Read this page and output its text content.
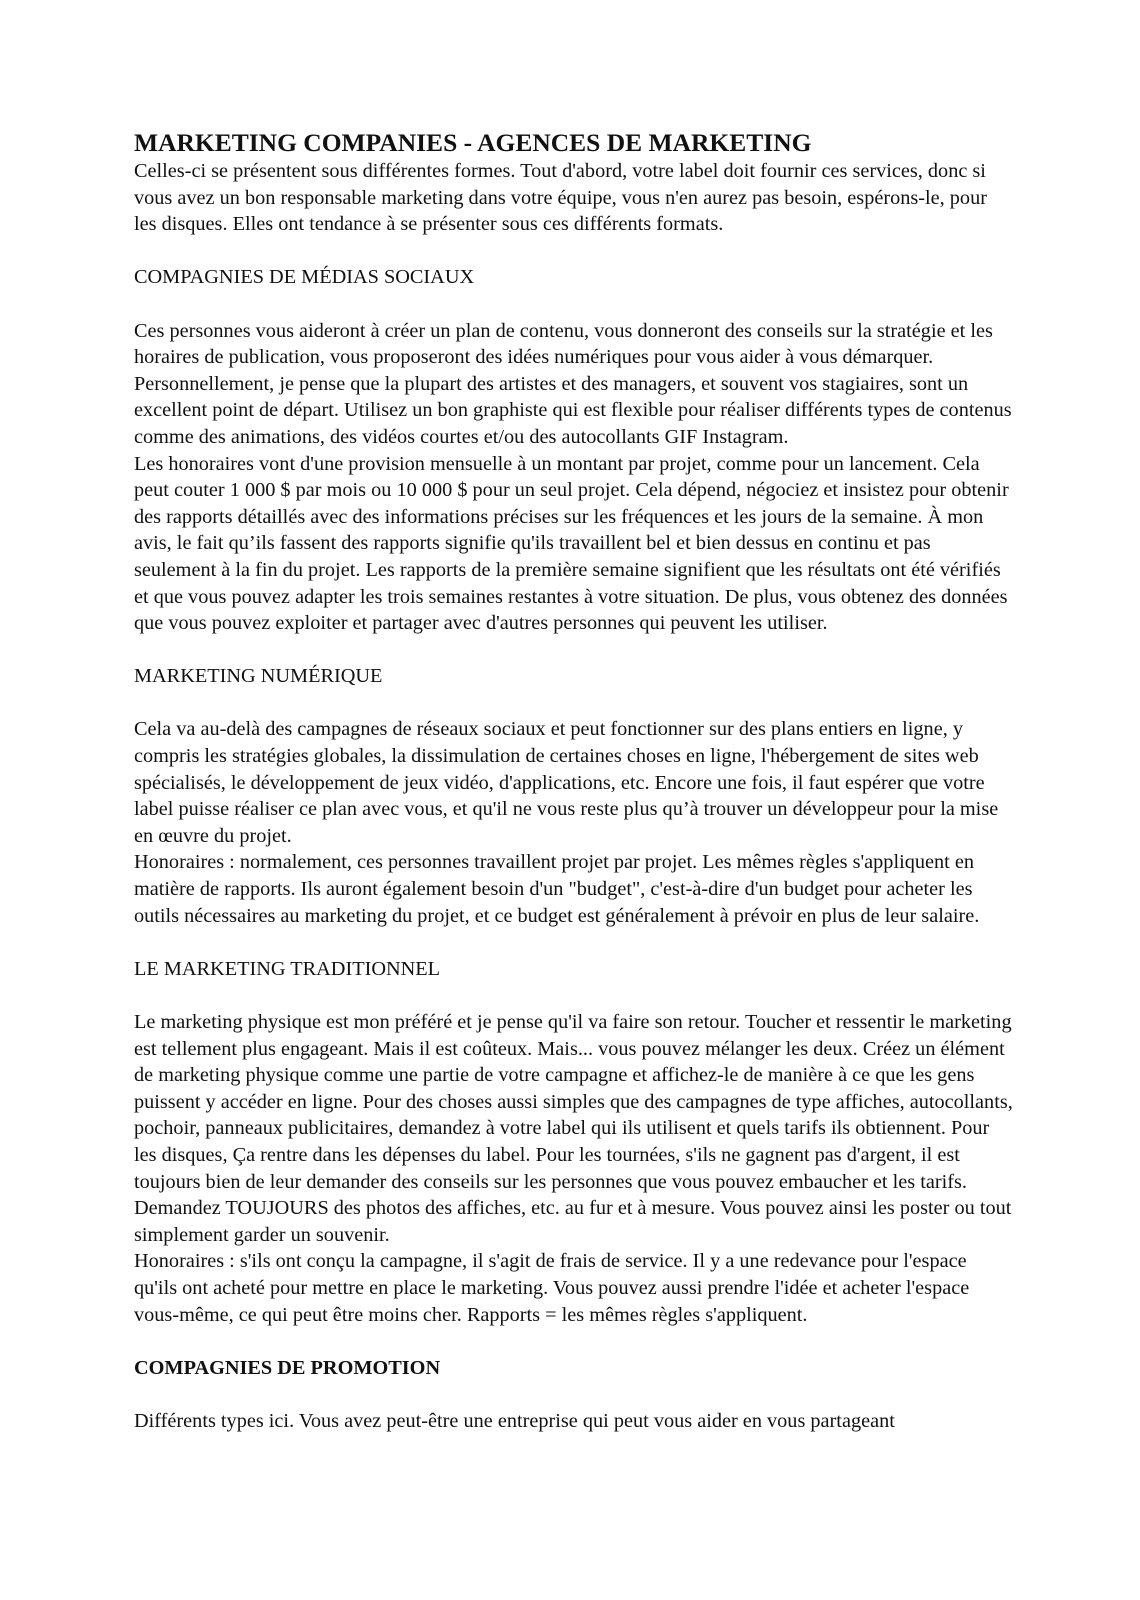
MARKETING COMPANIES - AGENCES DE MARKETING

Celles-ci se présentent sous différentes formes. Tout d'abord, votre label doit fournir ces services, donc si vous avez un bon responsable marketing dans votre équipe, vous n'en aurez pas besoin, espérons-le, pour les disques. Elles ont tendance à se présenter sous ces différents formats.

COMPAGNIES DE MÉDIAS SOCIAUX

Ces personnes vous aideront à créer un plan de contenu, vous donneront des conseils sur la stratégie et les horaires de publication, vous proposeront des idées numériques pour vous aider à vous démarquer. Personnellement, je pense que la plupart des artistes et des managers, et souvent vos stagiaires, sont un excellent point de départ. Utilisez un bon graphiste qui est flexible pour réaliser différents types de contenus comme des animations, des vidéos courtes et/ou des autocollants GIF Instagram.

Les honoraires vont d'une provision mensuelle à un montant par projet, comme pour un lancement. Cela peut couter 1 000 $ par mois ou 10 000 $ pour un seul projet. Cela dépend, négociez et insistez pour obtenir des rapports détaillés avec des informations précises sur les fréquences et les jours de la semaine. À mon avis, le fait qu’ils fassent des rapports signifie qu'ils travaillent bel et bien dessus en continu et pas seulement à la fin du projet. Les rapports de la première semaine signifient que les résultats ont été vérifiés et que vous pouvez adapter les trois semaines restantes à votre situation. De plus, vous obtenez des données que vous pouvez exploiter et partager avec d'autres personnes qui peuvent les utiliser.

MARKETING NUMÉRIQUE

Cela va au-delà des campagnes de réseaux sociaux et peut fonctionner sur des plans entiers en ligne, y compris les stratégies globales, la dissimulation de certaines choses en ligne, l'hébergement de sites web spécialisés, le développement de jeux vidéo, d'applications, etc. Encore une fois, il faut espérer que votre label puisse réaliser ce plan avec vous, et qu'il ne vous reste plus qu’à trouver un développeur pour la mise en œuvre du projet.

Honoraires : normalement, ces personnes travaillent projet par projet. Les mêmes règles s'appliquent en matière de rapports. Ils auront également besoin d'un "budget", c'est-à-dire d'un budget pour acheter les outils nécessaires au marketing du projet, et ce budget est généralement à prévoir en plus de leur salaire.

LE MARKETING TRADITIONNEL

Le marketing physique est mon préféré et je pense qu'il va faire son retour. Toucher et ressentir le marketing est tellement plus engageant. Mais il est coûteux. Mais... vous pouvez mélanger les deux. Créez un élément de marketing physique comme une partie de votre campagne et affichez-le de manière à ce que les gens puissent y accéder en ligne. Pour des choses aussi simples que des campagnes de type affiches, autocollants, pochoir, panneaux publicitaires, demandez à votre label qui ils utilisent et quels tarifs ils obtiennent. Pour les disques, Ça rentre dans les dépenses du label. Pour les tournées, s'ils ne gagnent pas d'argent, il est toujours bien de leur demander des conseils sur les personnes que vous pouvez embaucher et les tarifs. Demandez TOUJOURS des photos des affiches, etc. au fur et à mesure. Vous pouvez ainsi les poster ou tout simplement garder un souvenir.

Honoraires : s'ils ont conçu la campagne, il s'agit de frais de service. Il y a une redevance pour l'espace qu'ils ont acheté pour mettre en place le marketing. Vous pouvez aussi prendre l'idée et acheter l'espace vous-même, ce qui peut être moins cher. Rapports = les mêmes règles s'appliquent.

COMPAGNIES DE PROMOTION

Différents types ici. Vous avez peut-être une entreprise qui peut vous aider en vous partageant
